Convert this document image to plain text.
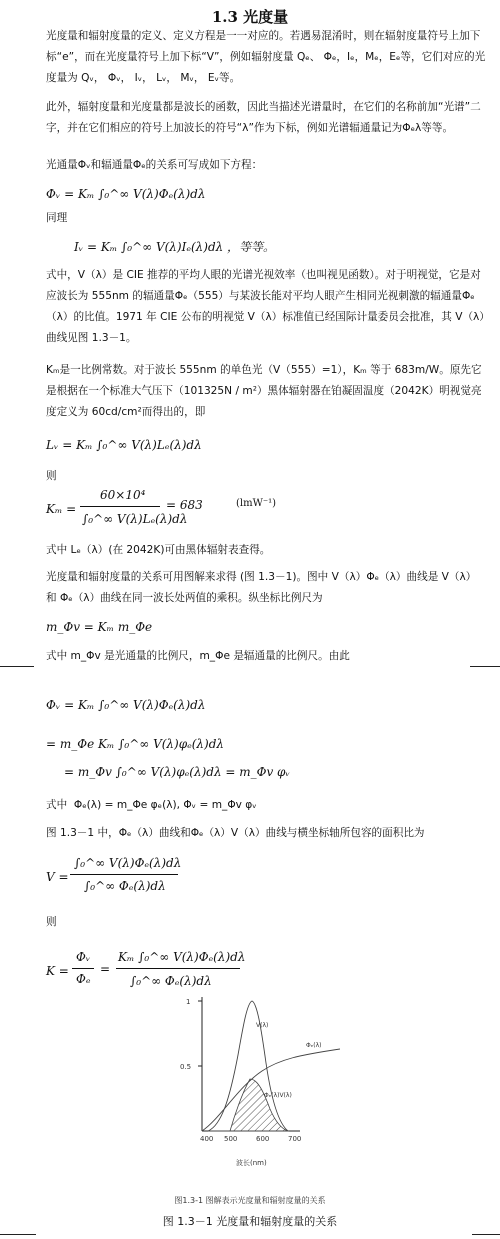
1.3 光度量
光度量和辐射度量的定义、定义方程是一一对应的。若遇易混淆时，则在辐射度量符号上加下标“e”，而在光度量符号上加下标“V”，例如辐射度量 Qₑ、 Φₑ，Iₑ，Mₑ，Eₑ等，它们对应的光度量为 Qᵥ， Φᵥ， Iᵥ， Lᵥ， Mᵥ， Eᵥ等。
此外，辐射度量和光度量都是波长的函数，因此当描述光谱量时，在它们的名称前加“光谱”二字，并在它们相应的符号上加波长的符号“λ”作为下标，例如光谱辐通量记为Φₑλ等等。
光通量Φᵥ和辐通量Φₑ的关系可写成如下方程：
Φᵥ = Kₘ ∫₀^∞ V(λ)Φₑ(λ)dλ
同理
Iᵥ = Kₘ ∫₀^∞ V(λ)Iₑ(λ)dλ ，等等。
式中，V（λ）是 CIE 推荐的平均人眼的光谱光视效率（也叫视见函数）。对于明视觉，它是对应波长为 555nm 的辐通量Φₑ（555）与某波长能对平均人眼产生相同光视刺激的辐通量Φₑ（λ）的比值。1971 年 CIE 公布的明视觉 V（λ）标准值已经国际计量委员会批准，其 V（λ）曲线见图 1.3－1。
Kₘ是一比例常数。对于波长 555nm 的单色光（V（555）=1），Kₘ 等于 683m/W。原先它是根据在一个标准大气压下（101325N / m²）黑体辐射器在铂凝固温度（2042K）明视觉亮度定义为 60cd/cm²而得出的，即
Lᵥ = Kₘ ∫₀^∞ V(λ)Lₑ(λ)dλ
则
Kₘ =
60×10⁴
∫₀^∞ V(λ)Lₑ(λ)dλ
= 683	(lmW⁻¹)
式中 Lₑ（λ）(在 2042K)可由黑体辐射表查得。
光度量和辐射度量的关系可用图解来求得 (图 1.3－1)。图中 V（λ）Φₑ（λ）曲线是 V（λ）和 Φₑ（λ）曲线在同一波长处两值的乘积。纵坐标比例尺为
m_Φv = Kₘ m_Φe
式中 m_Φv 是光通量的比例尺，m_Φe 是辐通量的比例尺。由此
Φᵥ = Kₘ ∫₀^∞ V(λ)Φₑ(λ)dλ
= m_Φe Kₘ ∫₀^∞ V(λ)φₑ(λ)dλ
= m_Φv ∫₀^∞ V(λ)φₑ(λ)dλ = m_Φv φᵥ
式中  Φₑ(λ) = m_Φe φₑ(λ), Φᵥ = m_Φv φᵥ
图 1.3－1 中，Φₑ（λ）曲线和Φₑ（λ）V（λ）曲线与横坐标轴所包容的面积比为
V =
∫₀^∞ V(λ)Φₑ(λ)dλ
∫₀^∞ Φₑ(λ)dλ
则
K =
Φᵥ
Φₑ
=
Kₘ ∫₀^∞ V(λ)Φₑ(λ)dλ
∫₀^∞ Φₑ(λ)dλ
V(λ)
Φₑ(λ)
Φₑ(λ)V(λ)
1
0.5
400 500	600	700
波长(nm)
图1.3-1 图解表示光度量和辐射度量的关系
图 1.3－1 光度量和辐射度量的关系
